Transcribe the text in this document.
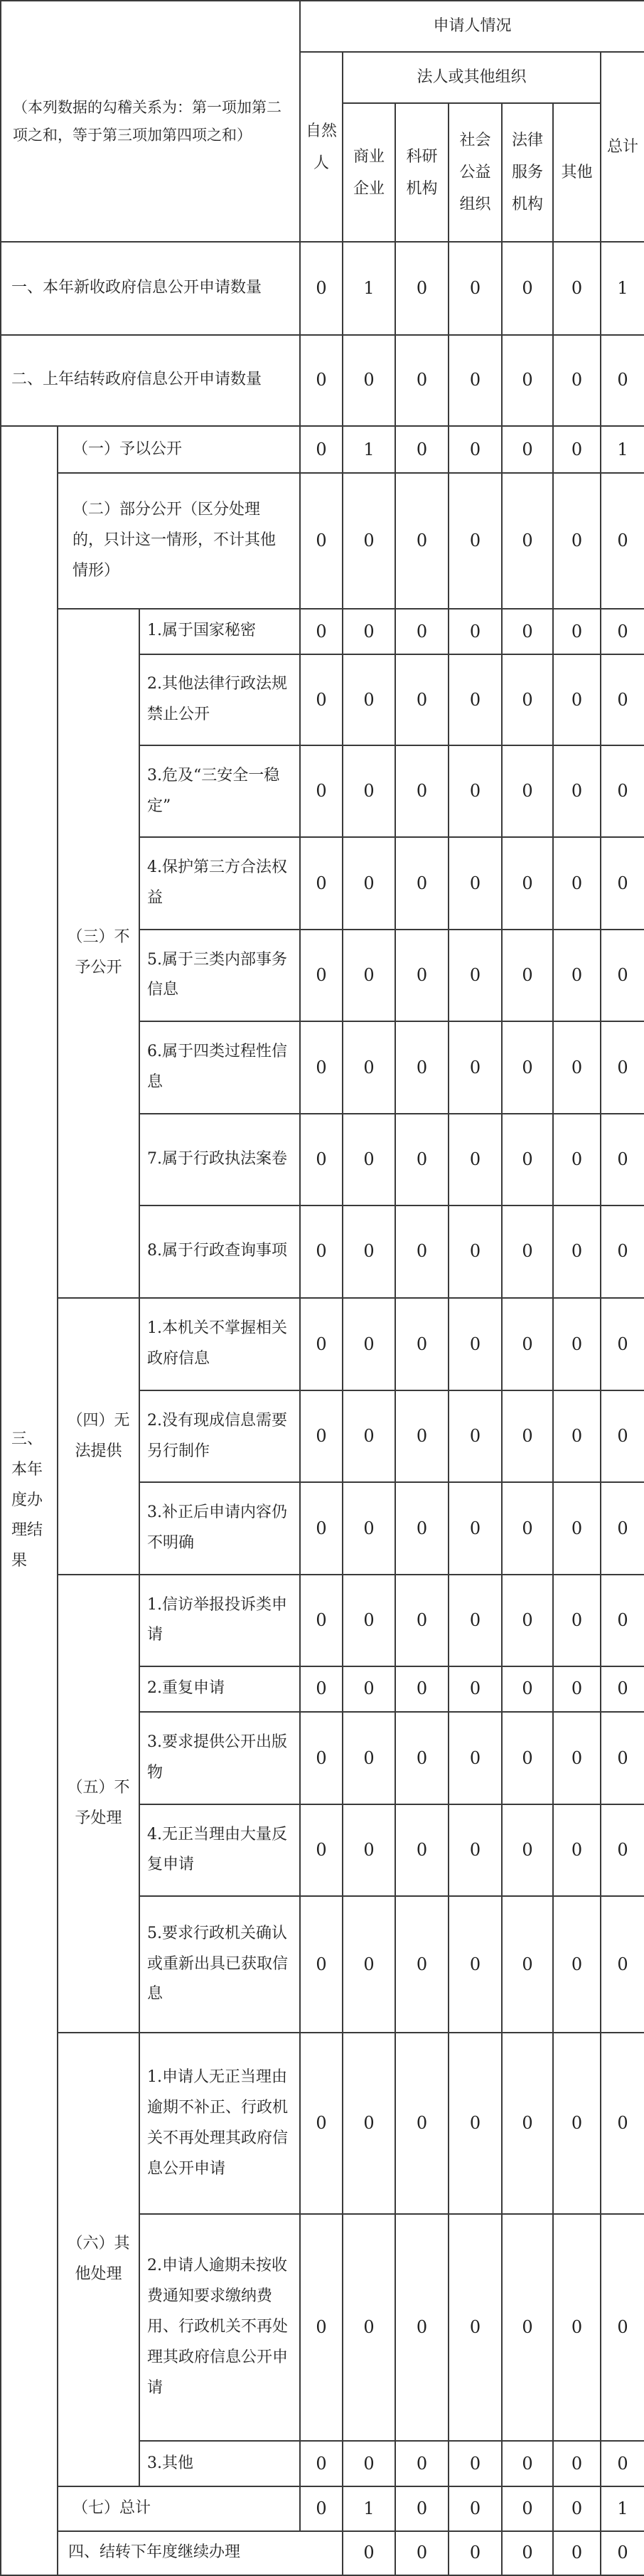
（本列数据的勾稽关系为：第一项加第二项之和，等于第三项加第四项之和）			申请人情况							
			自然人	法人或其他组织					总计	
				商业企业	科研机构	社会公益组织	法律服务机构	其他		
一、本年新收政府信息公开申请数量			0	1	0	0	0	0	1	
二、上年结转政府信息公开申请数量			0	0	0	0	0	0	0	
三、本年度办理结果	（一）予以公开		0	1	0	0	0	0	1	
	（二）部分公开（区分处理的，只计这一情形，不计其他情形）		0	0	0	0	0	0	0	
	（三）不予公开	1.属于国家秘密	0	0	0	0	0	0	0	
		2.其他法律行政法规禁止公开	0	0	0	0	0	0	0	
		3.危及“三安全一稳定”	0	0	0	0	0	0	0	
		4.保护第三方合法权益	0	0	0	0	0	0	0	
		5.属于三类内部事务信息	0	0	0	0	0	0	0	
		6.属于四类过程性信息	0	0	0	0	0	0	0	
		7.属于行政执法案卷	0	0	0	0	0	0	0	
		8.属于行政查询事项	0	0	0	0	0	0	0	
	（四）无法提供	1.本机关不掌握相关政府信息	0	0	0	0	0	0	0	
		2.没有现成信息需要另行制作	0	0	0	0	0	0	0	
		3.补正后申请内容仍不明确	0	0	0	0	0	0	0	
	（五）不予处理	1.信访举报投诉类申请	0	0	0	0	0	0	0	
		2.重复申请	0	0	0	0	0	0	0	
		3.要求提供公开出版物	0	0	0	0	0	0	0	
		4.无正当理由大量反复申请	0	0	0	0	0	0	0	
		5.要求行政机关确认或重新出具已获取信息	0	0	0	0	0	0	0	
	（六）其他处理	1.申请人无正当理由逾期不补正、行政机关不再处理其政府信息公开申请	0	0	0	0	0	0	0	
		2.申请人逾期未按收费通知要求缴纳费用、行政机关不再处理其政府信息公开申请	0	0	0	0	0	0	0	
		3.其他	0	0	0	0	0	0	0	
	（七）总计		0	1	0	0	0	0	1	
	四、结转下年度继续办理			0	0	0	0	0	0	
